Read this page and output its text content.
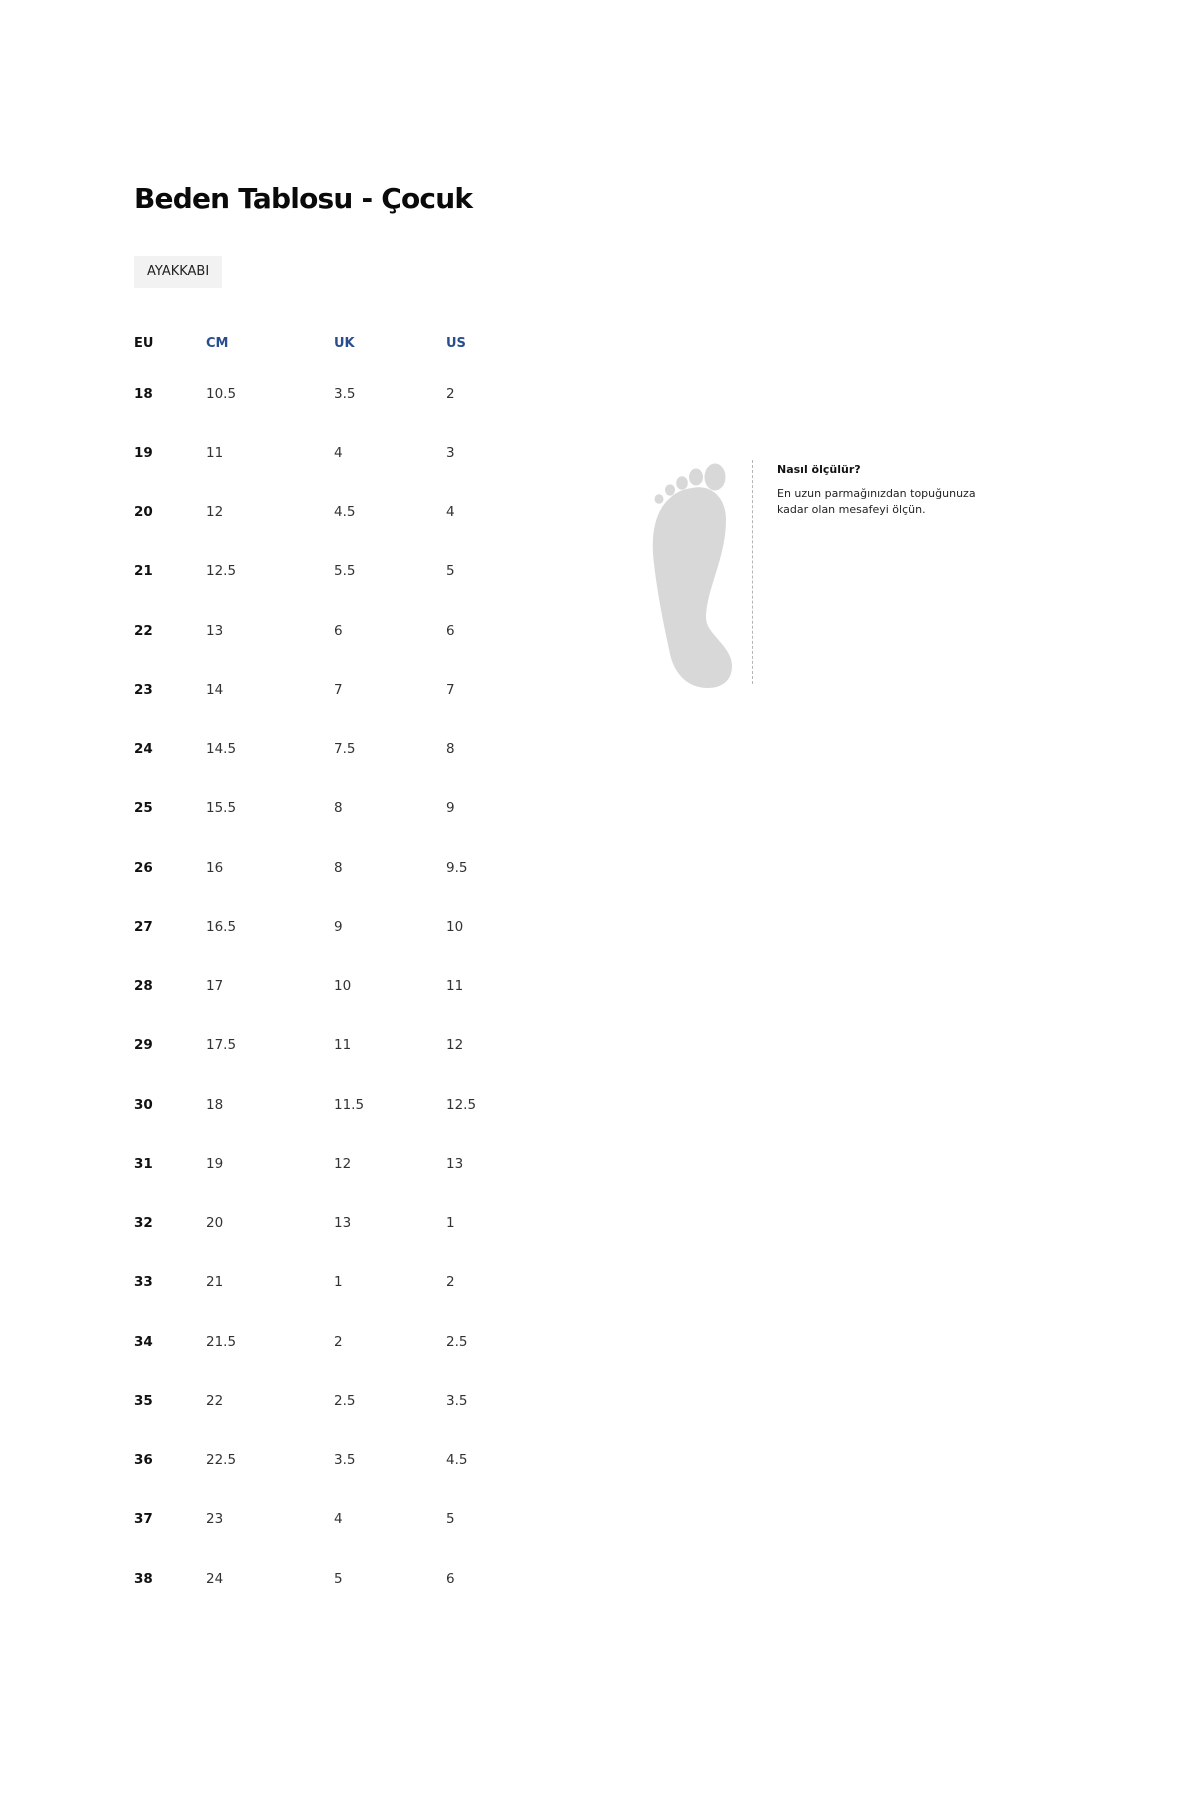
Beden Tablosu - Çocuk
AYAKKABI
EU	CM	UK	US
18	10.5	3.5	2
19	11	4	3
20	12	4.5	4
21	12.5	5.5	5
22	13	6	6
23	14	7	7
24	14.5	7.5	8
25	15.5	8	9
26	16	8	9.5
27	16.5	9	10
28	17	10	11
29	17.5	11	12
30	18	11.5	12.5
31	19	12	13
32	20	13	1
33	21	1	2
34	21.5	2	2.5
35	22	2.5	3.5
36	22.5	3.5	4.5
37	23	4	5
38	24	5	6

Nasıl ölçülür?

En uzun parmağınızdan topuğunuza kadar olan mesafeyi ölçün.
